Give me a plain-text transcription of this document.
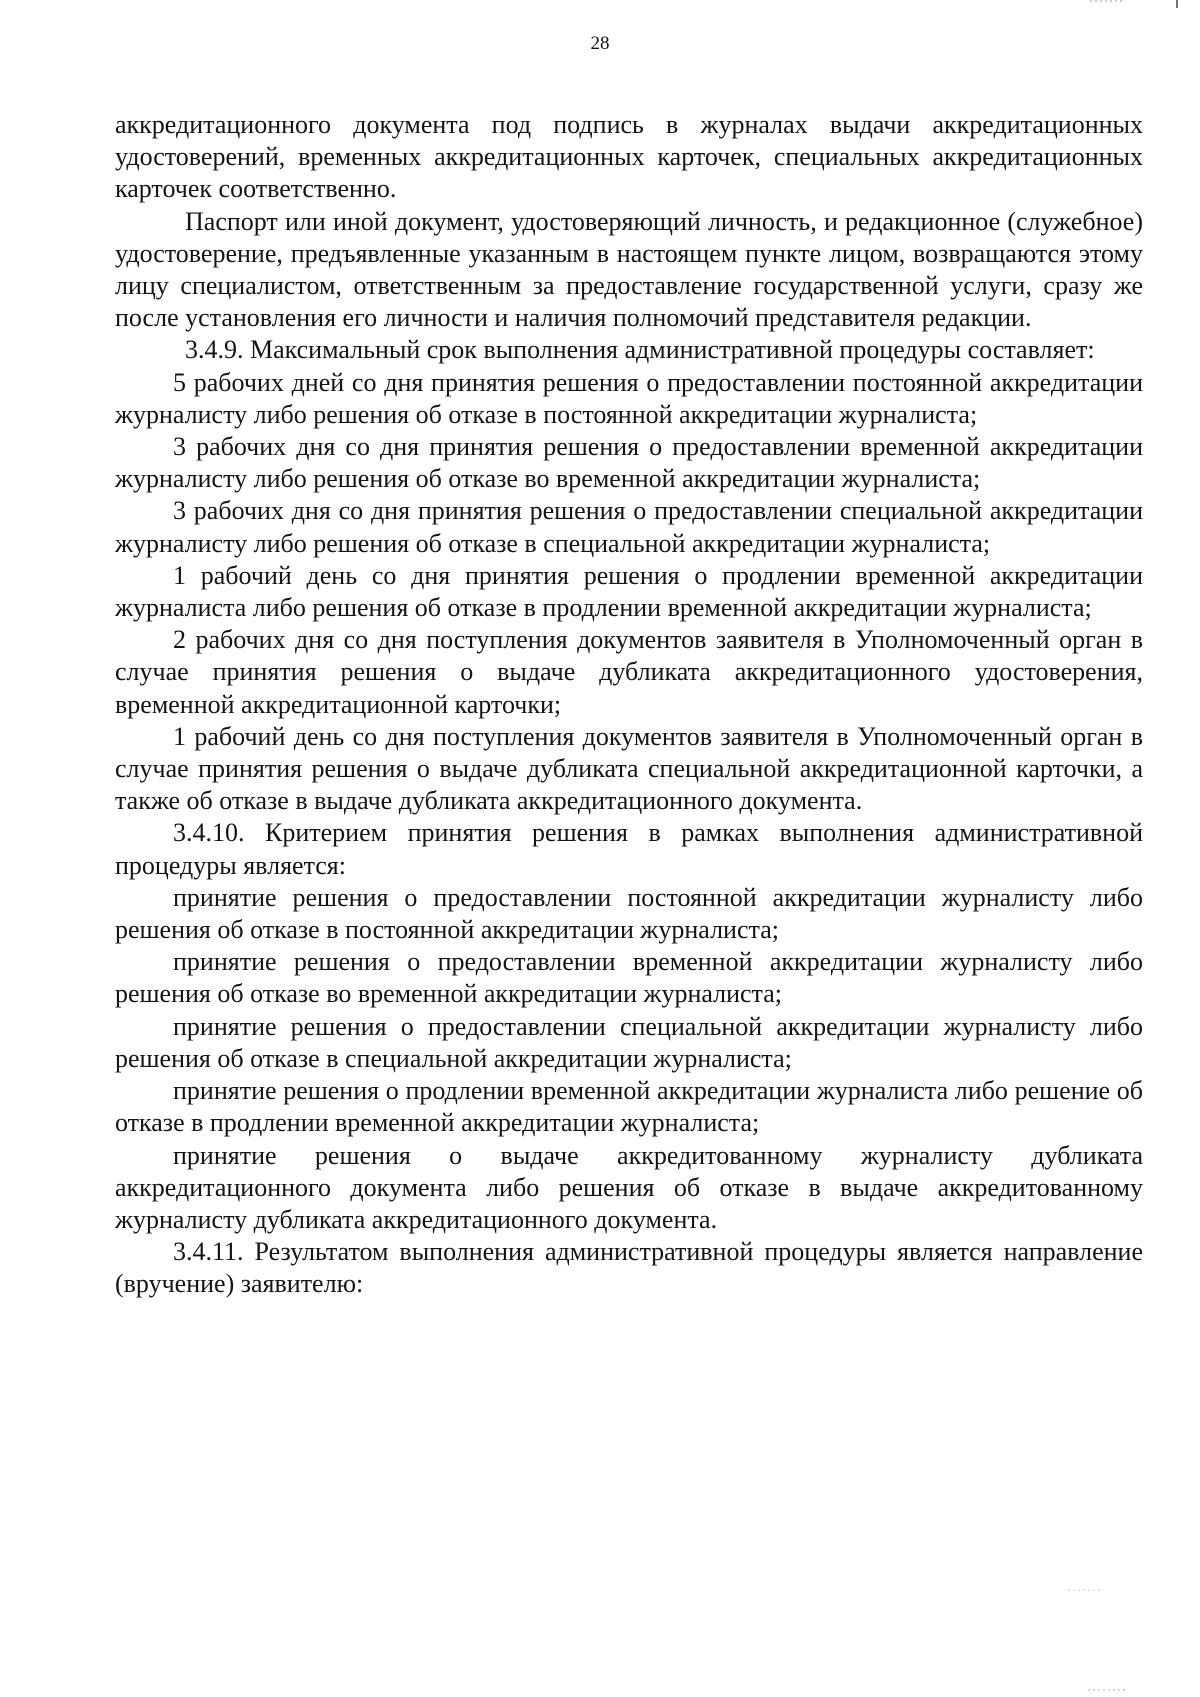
28

аккредитационного документа под подпись в журналах выдачи аккредитационных удостоверений, временных аккредитационных карточек, специальных аккредитационных карточек соответственно.

Паспорт или иной документ, удостоверяющий личность, и редакционное (служебное) удостоверение, предъявленные указанным в настоящем пункте лицом, возвращаются этому лицу специалистом, ответственным за предоставление государственной услуги, сразу же после установления его личности и наличия полномочий представителя редакции.

3.4.9. Максимальный срок выполнения административной процедуры составляет:

5 рабочих дней со дня принятия решения о предоставлении постоянной аккредитации журналисту либо решения об отказе в постоянной аккредитации журналиста;

3 рабочих дня со дня принятия решения о предоставлении временной аккредитации журналисту либо решения об отказе во временной аккредитации журналиста;

3 рабочих дня со дня принятия решения о предоставлении специальной аккредитации журналисту либо решения об отказе в специальной аккредитации журналиста;

1 рабочий день со дня принятия решения о продлении временной аккредитации журналиста либо решения об отказе в продлении временной аккредитации журналиста;

2 рабочих дня со дня поступления документов заявителя в Уполномоченный орган в случае принятия решения о выдаче дубликата аккредитационного удостоверения, временной аккредитационной карточки;

1 рабочий день со дня поступления документов заявителя в Уполномоченный орган в случае принятия решения о выдаче дубликата специальной аккредитационной карточки, а также об отказе в выдаче дубликата аккредитационного документа.

3.4.10. Критерием принятия решения в рамках выполнения административной процедуры является:

принятие решения о предоставлении постоянной аккредитации журналисту либо решения об отказе в постоянной аккредитации журналиста;

принятие решения о предоставлении временной аккредитации журналисту либо решения об отказе во временной аккредитации журналиста;

принятие решения о предоставлении специальной аккредитации журналисту либо решения об отказе в специальной аккредитации журналиста;

принятие решения о продлении временной аккредитации журналиста либо решение об отказе в продлении временной аккредитации журналиста;

принятие решения о выдаче аккредитованному журналисту дубликата аккредитационного документа либо решения об отказе в выдаче аккредитованному журналисту дубликата аккредитационного документа.

3.4.11. Результатом выполнения административной процедуры является направление (вручение) заявителю:
